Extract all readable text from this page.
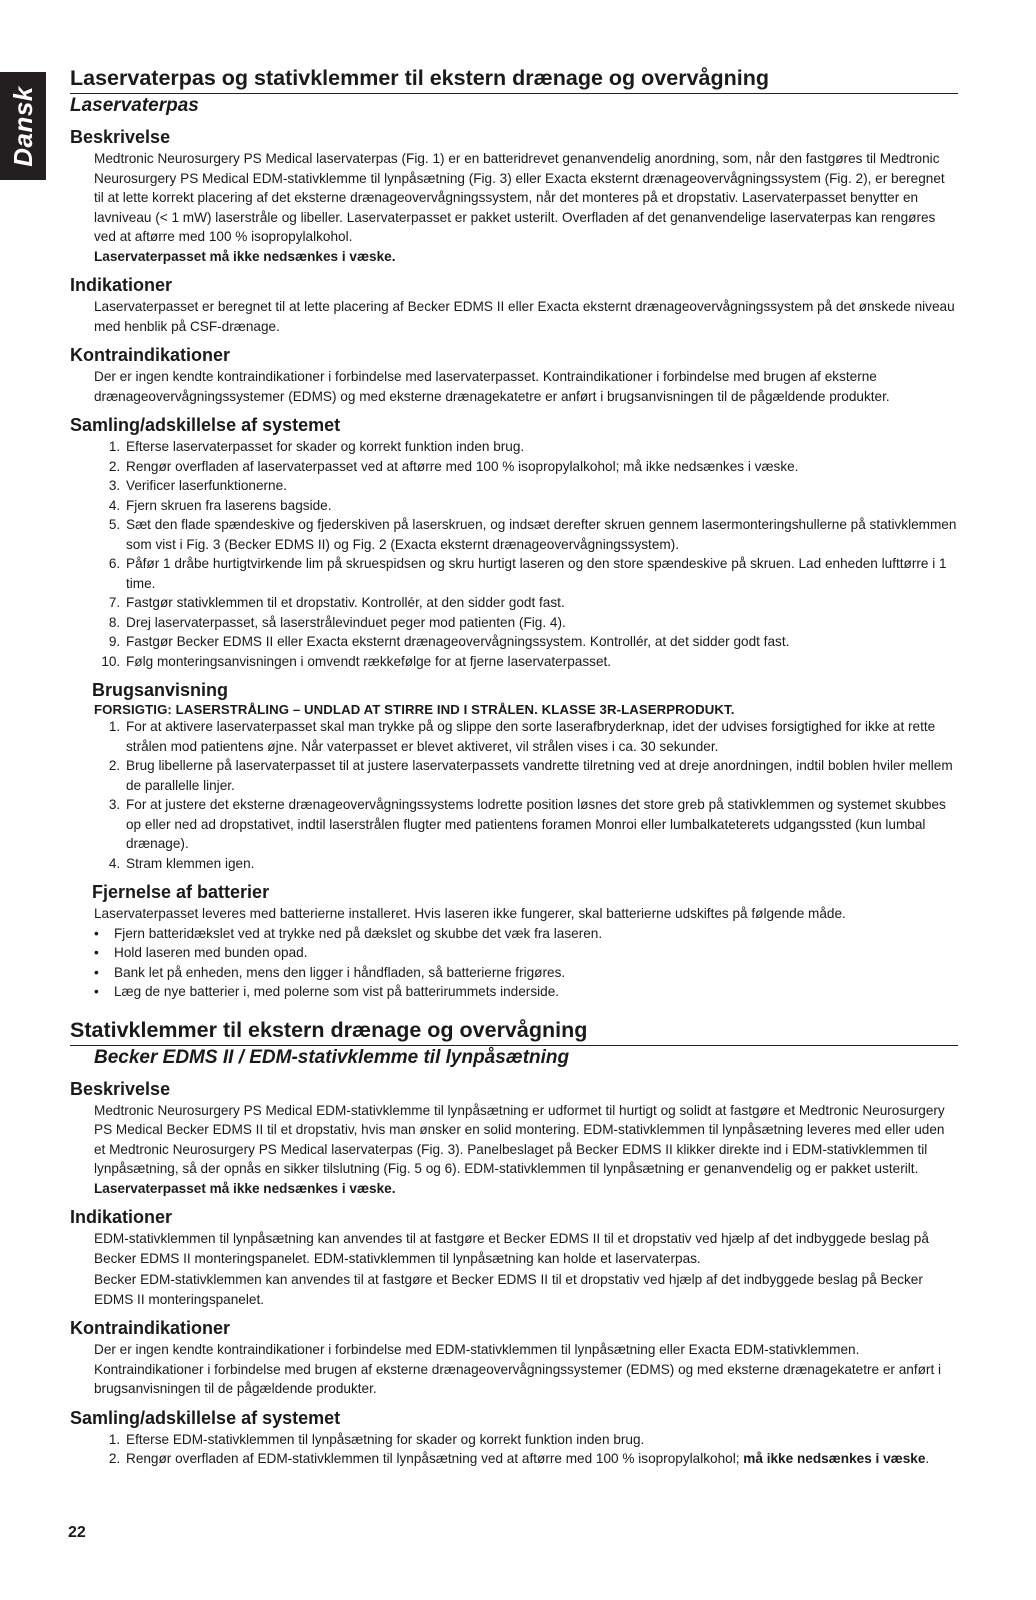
Dansk
Laservaterpas og stativklemmer til ekstern drænage og overvågning
Laservaterpas
Beskrivelse

Medtronic Neurosurgery PS Medical laservaterpas (Fig. 1) er en batteridrevet genanvendelig anordning, som, når den fastgøres til Medtronic Neurosurgery PS Medical EDM-stativklemme til lynpåsætning (Fig. 3) eller Exacta eksternt drænageovervågningssystem (Fig. 2), er beregnet til at lette korrekt placering af det eksterne drænageovervågningssystem, når det monteres på et dropstativ. Laservaterpasset benytter en lavniveau (< 1 mW) laserstråle og libeller. Laservaterpasset er pakket usterilt. Overfladen af det genanvendelige laservaterpas kan rengøres ved at aftørre med 100 % isopropylalkohol.
Laservaterpasset må ikke nedsænkes i væske.

Indikationer

Laservaterpasset er beregnet til at lette placering af Becker EDMS II eller Exacta eksternt drænageovervågningssystem på det ønskede niveau med henblik på CSF-drænage.

Kontraindikationer

Der er ingen kendte kontraindikationer i forbindelse med laservaterpasset. Kontraindikationer i forbindelse med brugen af eksterne drænageovervågningssystemer (EDMS) og med eksterne drænagekatetre er anført i brugsanvisningen til de pågældende produkter.

Samling/adskillelse af systemet
1. Efterse laservaterpasset for skader og korrekt funktion inden brug.
2. Rengør overfladen af laservaterpasset ved at aftørre med 100 % isopropylalkohol; må ikke nedsænkes i væske.
3. Verificer laserfunktionerne.
4. Fjern skruen fra laserens bagside.
5. Sæt den flade spændeskive og fjederskiven på laserskruen, og indsæt derefter skruen gennem lasermonteringshullerne på stativklemmen som vist i Fig. 3 (Becker EDMS II) og Fig. 2 (Exacta eksternt drænageovervågningssystem).
6. Påfør 1 dråbe hurtigtvirkende lim på skruespidsen og skru hurtigt laseren og den store spændeskive på skruen. Lad enheden lufttørre i 1 time.
7. Fastgør stativklemmen til et dropstativ. Kontrollér, at den sidder godt fast.
8. Drej laservaterpasset, så laserstrålevinduet peger mod patienten (Fig. 4).
9. Fastgør Becker EDMS II eller Exacta eksternt drænageovervågningssystem. Kontrollér, at det sidder godt fast.
10. Følg monteringsanvisningen i omvendt rækkefølge for at fjerne laservaterpasset.
Brugsanvisning
FORSIGTIG: LASERSTRÅLING – UNDLAD AT STIRRE IND I STRÅLEN. KLASSE 3R-LASERPRODUKT.
1. For at aktivere laservaterpasset skal man trykke på og slippe den sorte laserafbryderknap, idet der udvises forsigtighed for ikke at rette strålen mod patientens øjne. Når vaterpasset er blevet aktiveret, vil strålen vises i ca. 30 sekunder.
2. Brug libellerne på laservaterpasset til at justere laservaterpassets vandrette tilretning ved at dreje anordningen, indtil boblen hviler mellem de parallelle linjer.
3. For at justere det eksterne drænageovervågningssystems lodrette position løsnes det store greb på stativklemmen og systemet skubbes op eller ned ad dropstativet, indtil laserstrålen flugter med patientens foramen Monroi eller lumbalkateterets udgangssted (kun lumbal drænage).
4. Stram klemmen igen.
Fjernelse af batterier

Laservaterpasset leveres med batterierne installeret. Hvis laseren ikke fungerer, skal batterierne udskiftes på følgende måde.

• Fjern batteridækslet ved at trykke ned på dækslet og skubbe det væk fra laseren.
• Hold laseren med bunden opad.
• Bank let på enheden, mens den ligger i håndfladen, så batterierne frigøres.
• Læg de nye batterier i, med polerne som vist på batterirummets inderside.
Stativklemmer til ekstern drænage og overvågning
Becker EDMS II / EDM-stativklemme til lynpåsætning
Beskrivelse

Medtronic Neurosurgery PS Medical EDM-stativklemme til lynpåsætning er udformet til hurtigt og solidt at fastgøre et Medtronic Neurosurgery PS Medical Becker EDMS II til et dropstativ, hvis man ønsker en solid montering. EDM-stativklemmen til lynpåsætning leveres med eller uden et Medtronic Neurosurgery PS Medical laservaterpas (Fig. 3). Panelbeslaget på Becker EDMS II klikker direkte ind i EDM-stativklemmen til lynpåsætning, så der opnås en sikker tilslutning (Fig. 5 og 6). EDM-stativklemmen til lynpåsætning er genanvendelig og er pakket usterilt. Laservaterpasset må ikke nedsænkes i væske.

Indikationer

EDM-stativklemmen til lynpåsætning kan anvendes til at fastgøre et Becker EDMS II til et dropstativ ved hjælp af det indbyggede beslag på Becker EDMS II monteringspanelet. EDM-stativklemmen til lynpåsætning kan holde et laservaterpas.

Becker EDM-stativklemmen kan anvendes til at fastgøre et Becker EDMS II til et dropstativ ved hjælp af det indbyggede beslag på Becker EDMS II monteringspanelet.

Kontraindikationer

Der er ingen kendte kontraindikationer i forbindelse med EDM-stativklemmen til lynpåsætning eller Exacta EDM-stativklemmen. Kontraindikationer i forbindelse med brugen af eksterne drænageovervågningssystemer (EDMS) og med eksterne drænagekatetre er anført i brugsanvisningen til de pågældende produkter.

Samling/adskillelse af systemet
1. Efterse EDM-stativklemmen til lynpåsætning for skader og korrekt funktion inden brug.
2. Rengør overfladen af EDM-stativklemmen til lynpåsætning ved at aftørre med 100 % isopropylalkohol; må ikke nedsænkes i væske.
22
